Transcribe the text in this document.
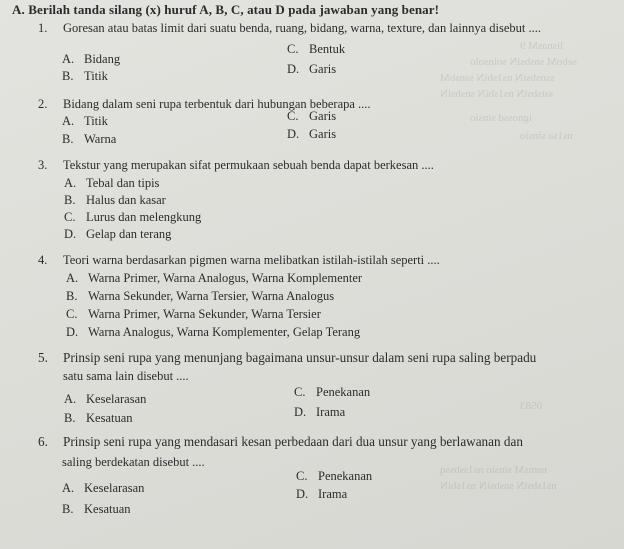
lisnasM 9
seboM snsbsiN soinsolo
ssnsbsiN ns1sbiN ssnsbM
sstsbsiN ns1sbiN snsbsiN
ignossd sinsio
ns1sa sinsio
0583
nsmsM sinsio ns1ssbssq
ns1sbsiN snsbsiN ns1sbiN
A. Berilah tanda silang (x) huruf A, B, C, atau D pada jawaban yang benar!
1. Goresan atau batas limit dari suatu benda, ruang, bidang, warna, texture, dan lainnya disebut ....
A. Bidang
B. Titik
C. Bentuk
D. Garis
2. Bidang dalam seni rupa terbentuk dari hubungan beberapa ....
A. Titik
B. Warna
C. Garis
D. Garis
3. Tekstur yang merupakan sifat permukaan sebuah benda dapat berkesan ....
A. Tebal dan tipis
B. Halus dan kasar
C. Lurus dan melengkung
D. Gelap dan terang
4. Teori warna berdasarkan pigmen warna melibatkan istilah-istilah seperti ....
A. Warna Primer, Warna Analogus, Warna Komplementer
B. Warna Sekunder, Warna Tersier, Warna Analogus
C. Warna Primer, Warna Sekunder, Warna Tersier
D. Warna Analogus, Warna Komplementer, Gelap Terang
5. Prinsip seni rupa yang menunjang bagaimana unsur-unsur dalam seni rupa saling berpadu
satu sama lain disebut ....
A. Keselarasan
B. Kesatuan
C. Penekanan
D. Irama
6. Prinsip seni rupa yang mendasari kesan perbedaan dari dua unsur yang berlawanan dan
saling berdekatan disebut ....
A. Keselarasan
B. Kesatuan
C. Penekanan
D. Irama
